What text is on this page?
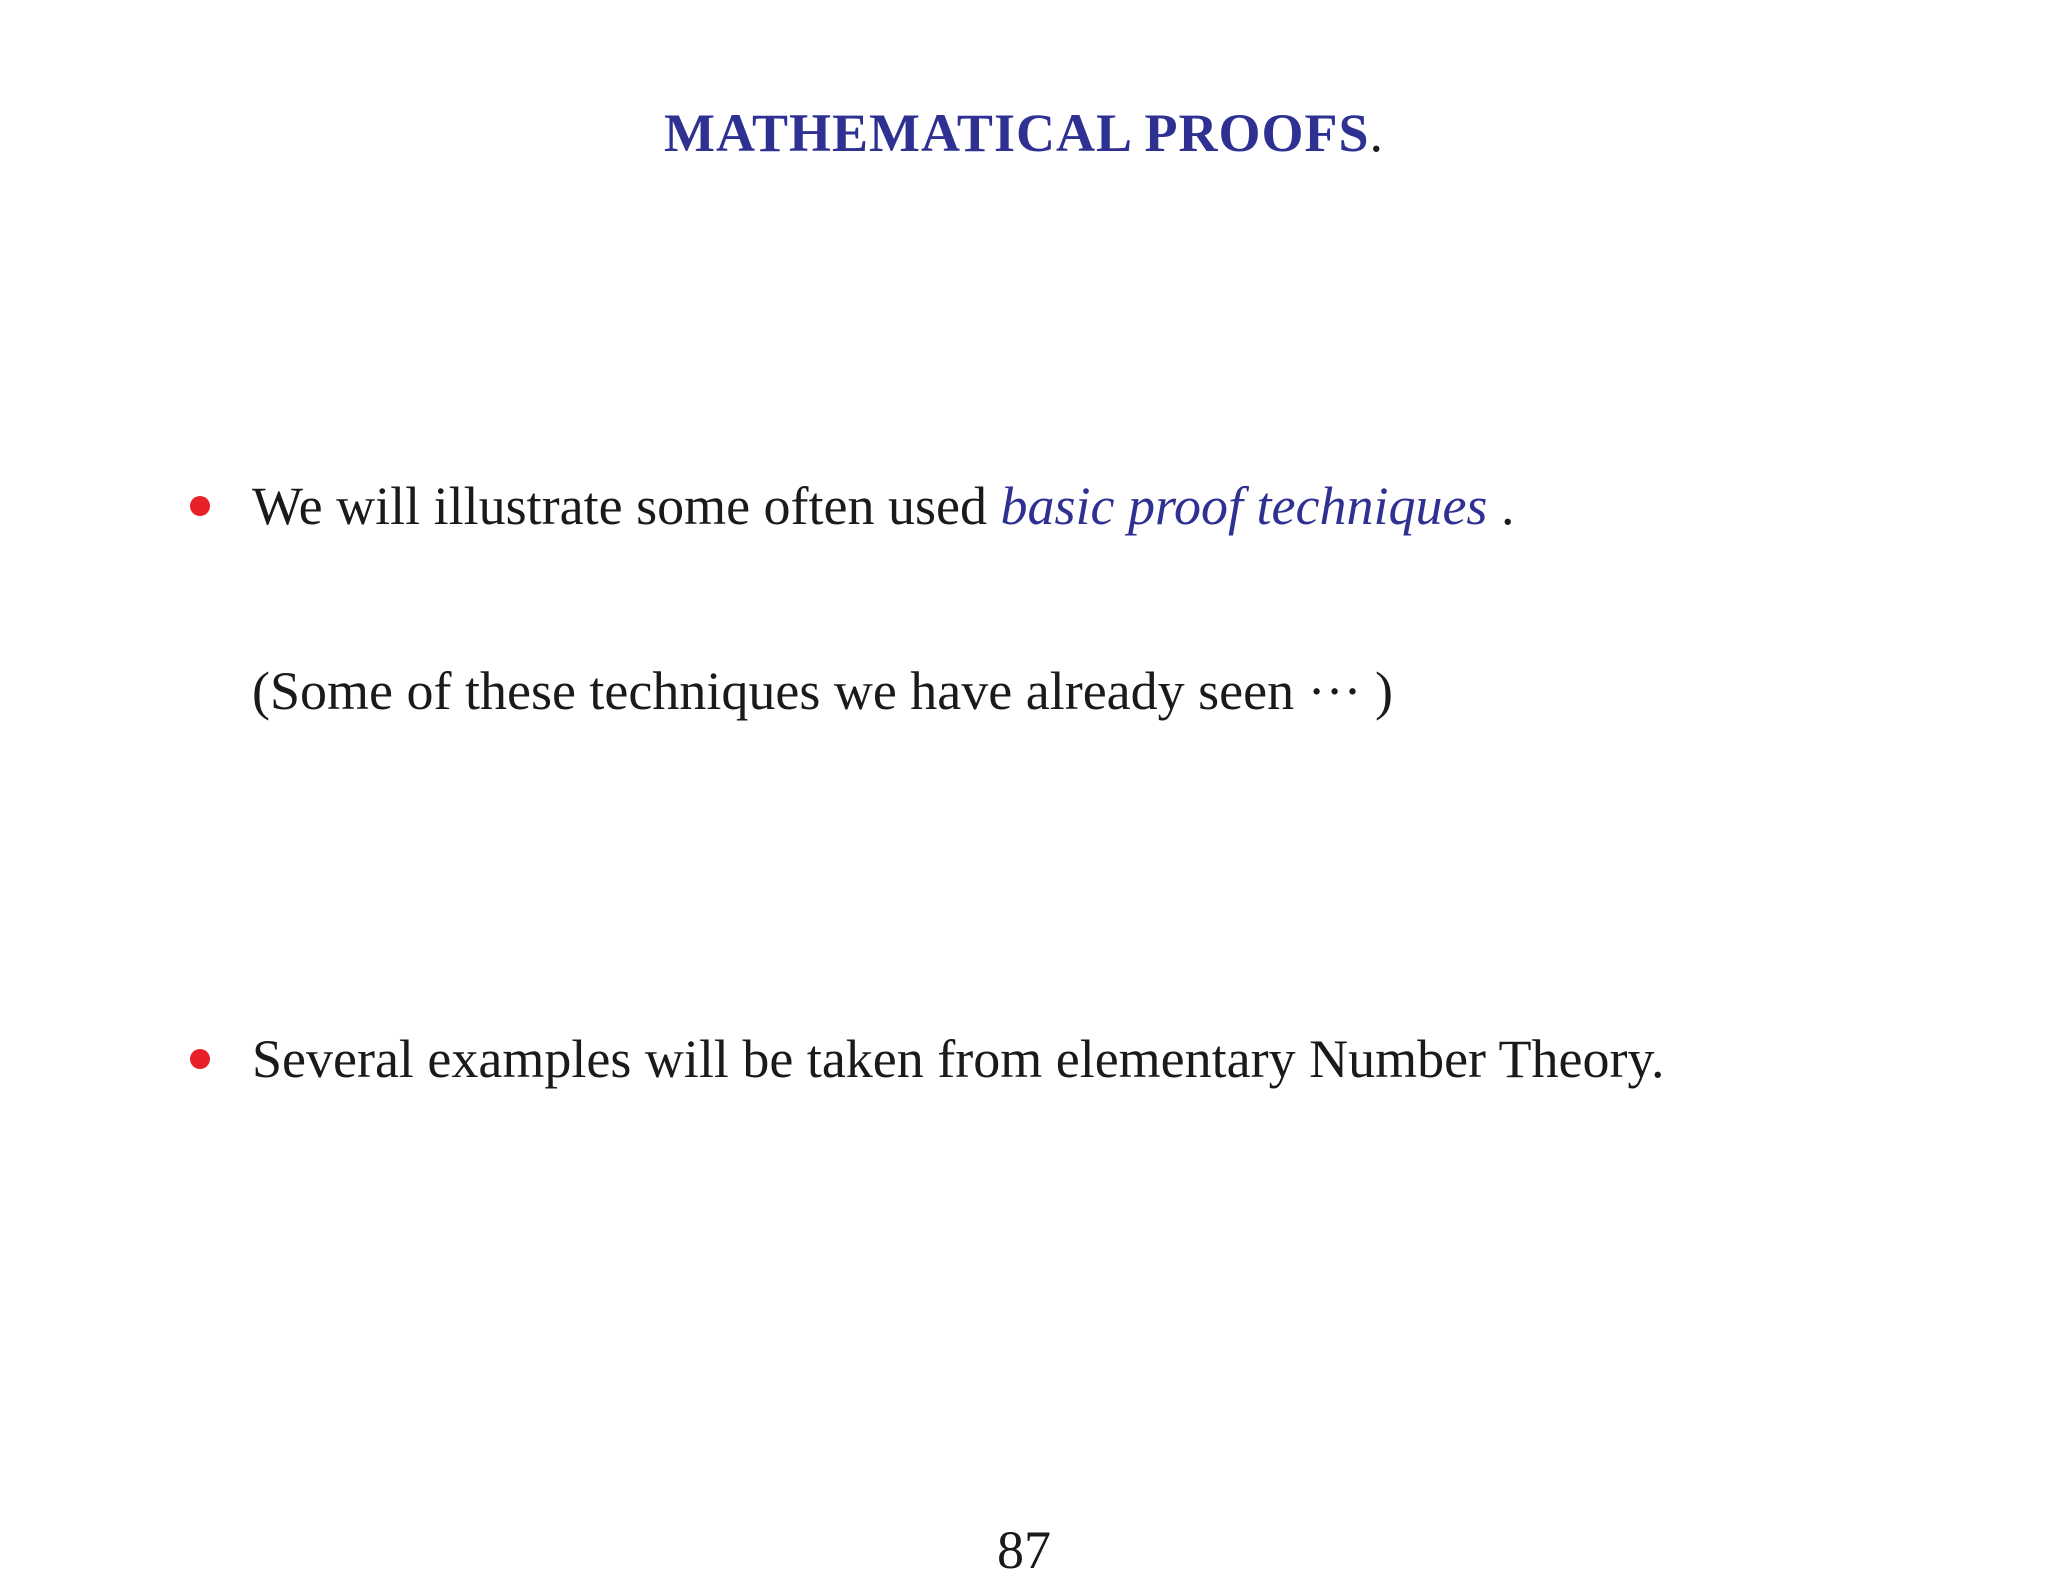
MATHEMATICAL PROOFS.
We will illustrate some often used basic proof techniques .
(Some of these techniques we have already seen ··· )
Several examples will be taken from elementary Number Theory.
87
